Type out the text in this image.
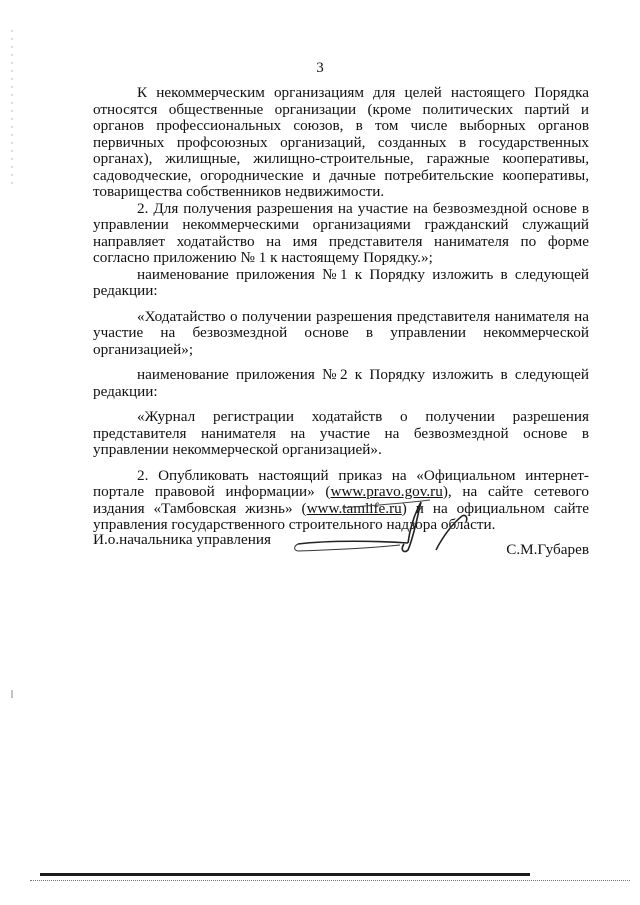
3

К некоммерческим организациям для целей настоящего Порядка относятся общественные организации (кроме политических партий и органов профессиональных союзов, в том числе выборных органов первичных профсоюзных организаций, созданных в государственных органах), жилищные, жилищно-строительные, гаражные кооперативы, садоводческие, огороднические и дачные потребительские кооперативы, товарищества собственников недвижимости.

2. Для получения разрешения на участие на безвозмездной основе в управлении некоммерческими организациями гражданский служащий направляет ходатайство на имя представителя нанимателя по форме согласно приложению № 1 к настоящему Порядку.»;

наименование приложения №1 к Порядку изложить в следующей редакции:

«Ходатайство о получении разрешения представителя нанимателя на участие на безвозмездной основе в управлении некоммерческой организацией»;

наименование приложения №2 к Порядку изложить в следующей редакции:

«Журнал регистрации ходатайств о получении разрешения представителя нанимателя на участие на безвозмездной основе в управлении некоммерческой организацией».

2. Опубликовать настоящий приказ на «Официальном интернет-портале правовой информации» (www.pravo.gov.ru), на сайте сетевого издания «Тамбовская жизнь» (www.tamlife.ru) и на официальном сайте управления государственного строительного надзора области.

И.о.начальника управления
С.М.Губарев
